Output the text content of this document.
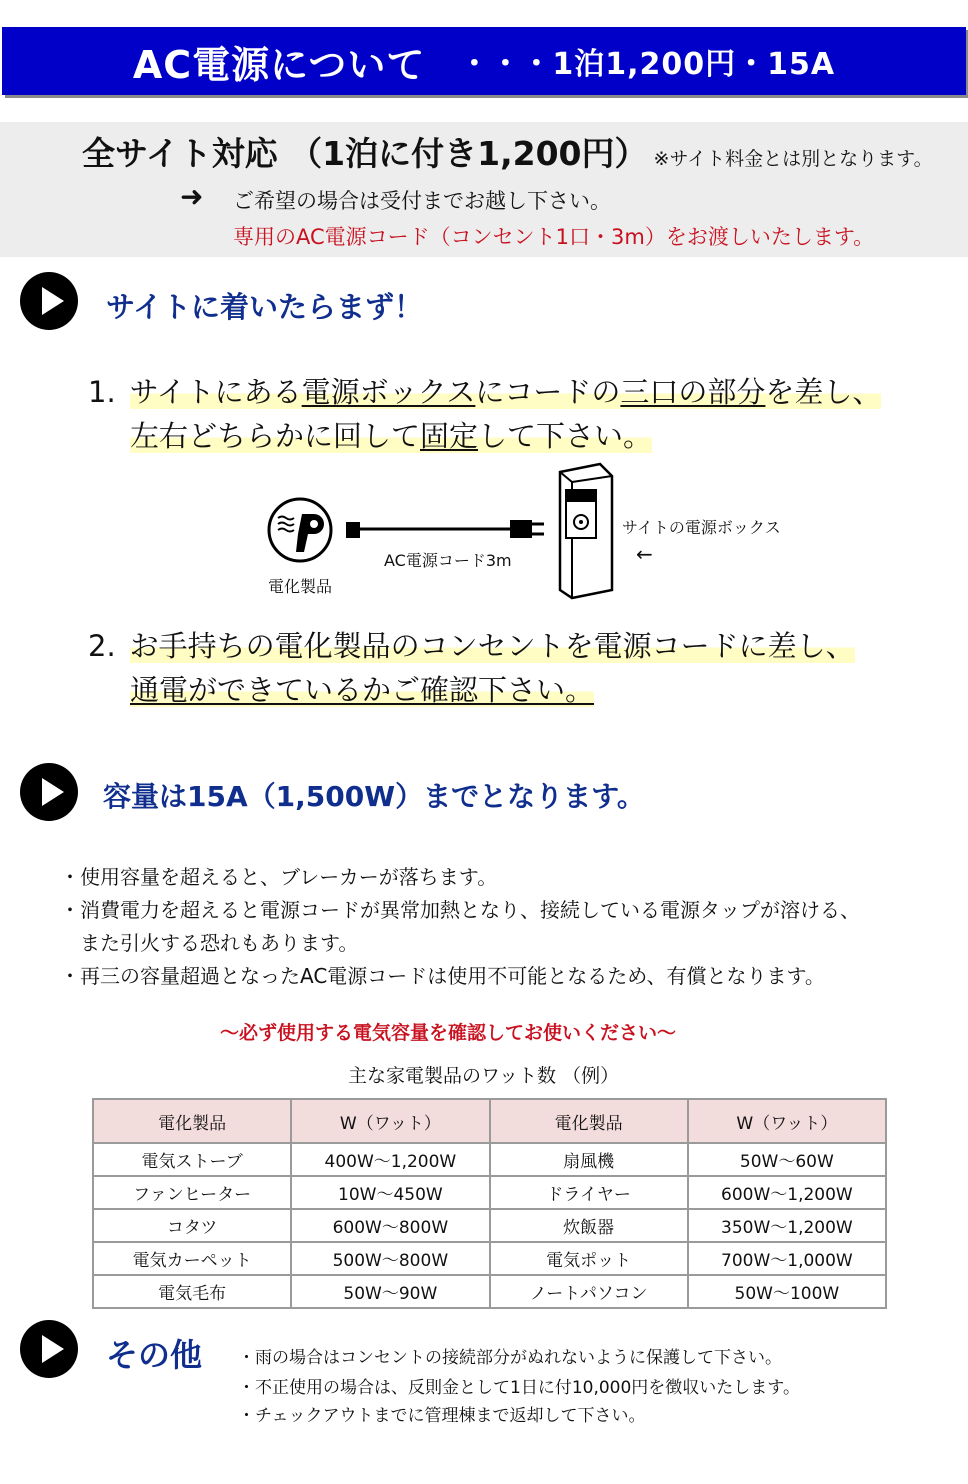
AC電源について ・・・1泊1,200円・15A
全サイト対応 （1泊に付き1,200円） ※サイト料金とは別となります。
➜ ご希望の場合は受付までお越し下さい。
専用のAC電源コード（コンセント1口・3m）をお渡しいたします。
サイトに着いたらまず！
1. サイトにある電源ボックスにコードの三口の部分を差し、
左右どちらかに回して固定して下さい。
電化製品
AC電源コード3m
サイトの電源ボックス
←
2. お手持ちの電化製品のコンセントを電源コードに差し、
通電ができているかご確認下さい。
容量は15A（1,500W）までとなります。
・使用容量を超えると、ブレーカーが落ちます。
・消費電力を超えると電源コードが異常加熱となり、接続している電源タップが溶ける、
　また引火する恐れもあります。
・再三の容量超過となったAC電源コードは使用不可能となるため、有償となります。
～必ず使用する電気容量を確認してお使いください～
主な家電製品のワット数 （例）
電化製品	W（ワット）	電化製品	W（ワット）
電気ストーブ	400W～1,200W	扇風機	50W～60W
ファンヒーター	10W～450W	ドライヤー	600W～1,200W
コタツ	600W～800W	炊飯器	350W～1,200W
電気カーペット	500W～800W	電気ポット	700W～1,000W
電気毛布	50W～90W	ノートパソコン	50W～100W
その他 ・雨の場合はコンセントの接続部分がぬれないように保護して下さい。
・不正使用の場合は、反則金として1日に付10,000円を徴収いたします。
・チェックアウトまでに管理棟まで返却して下さい。
